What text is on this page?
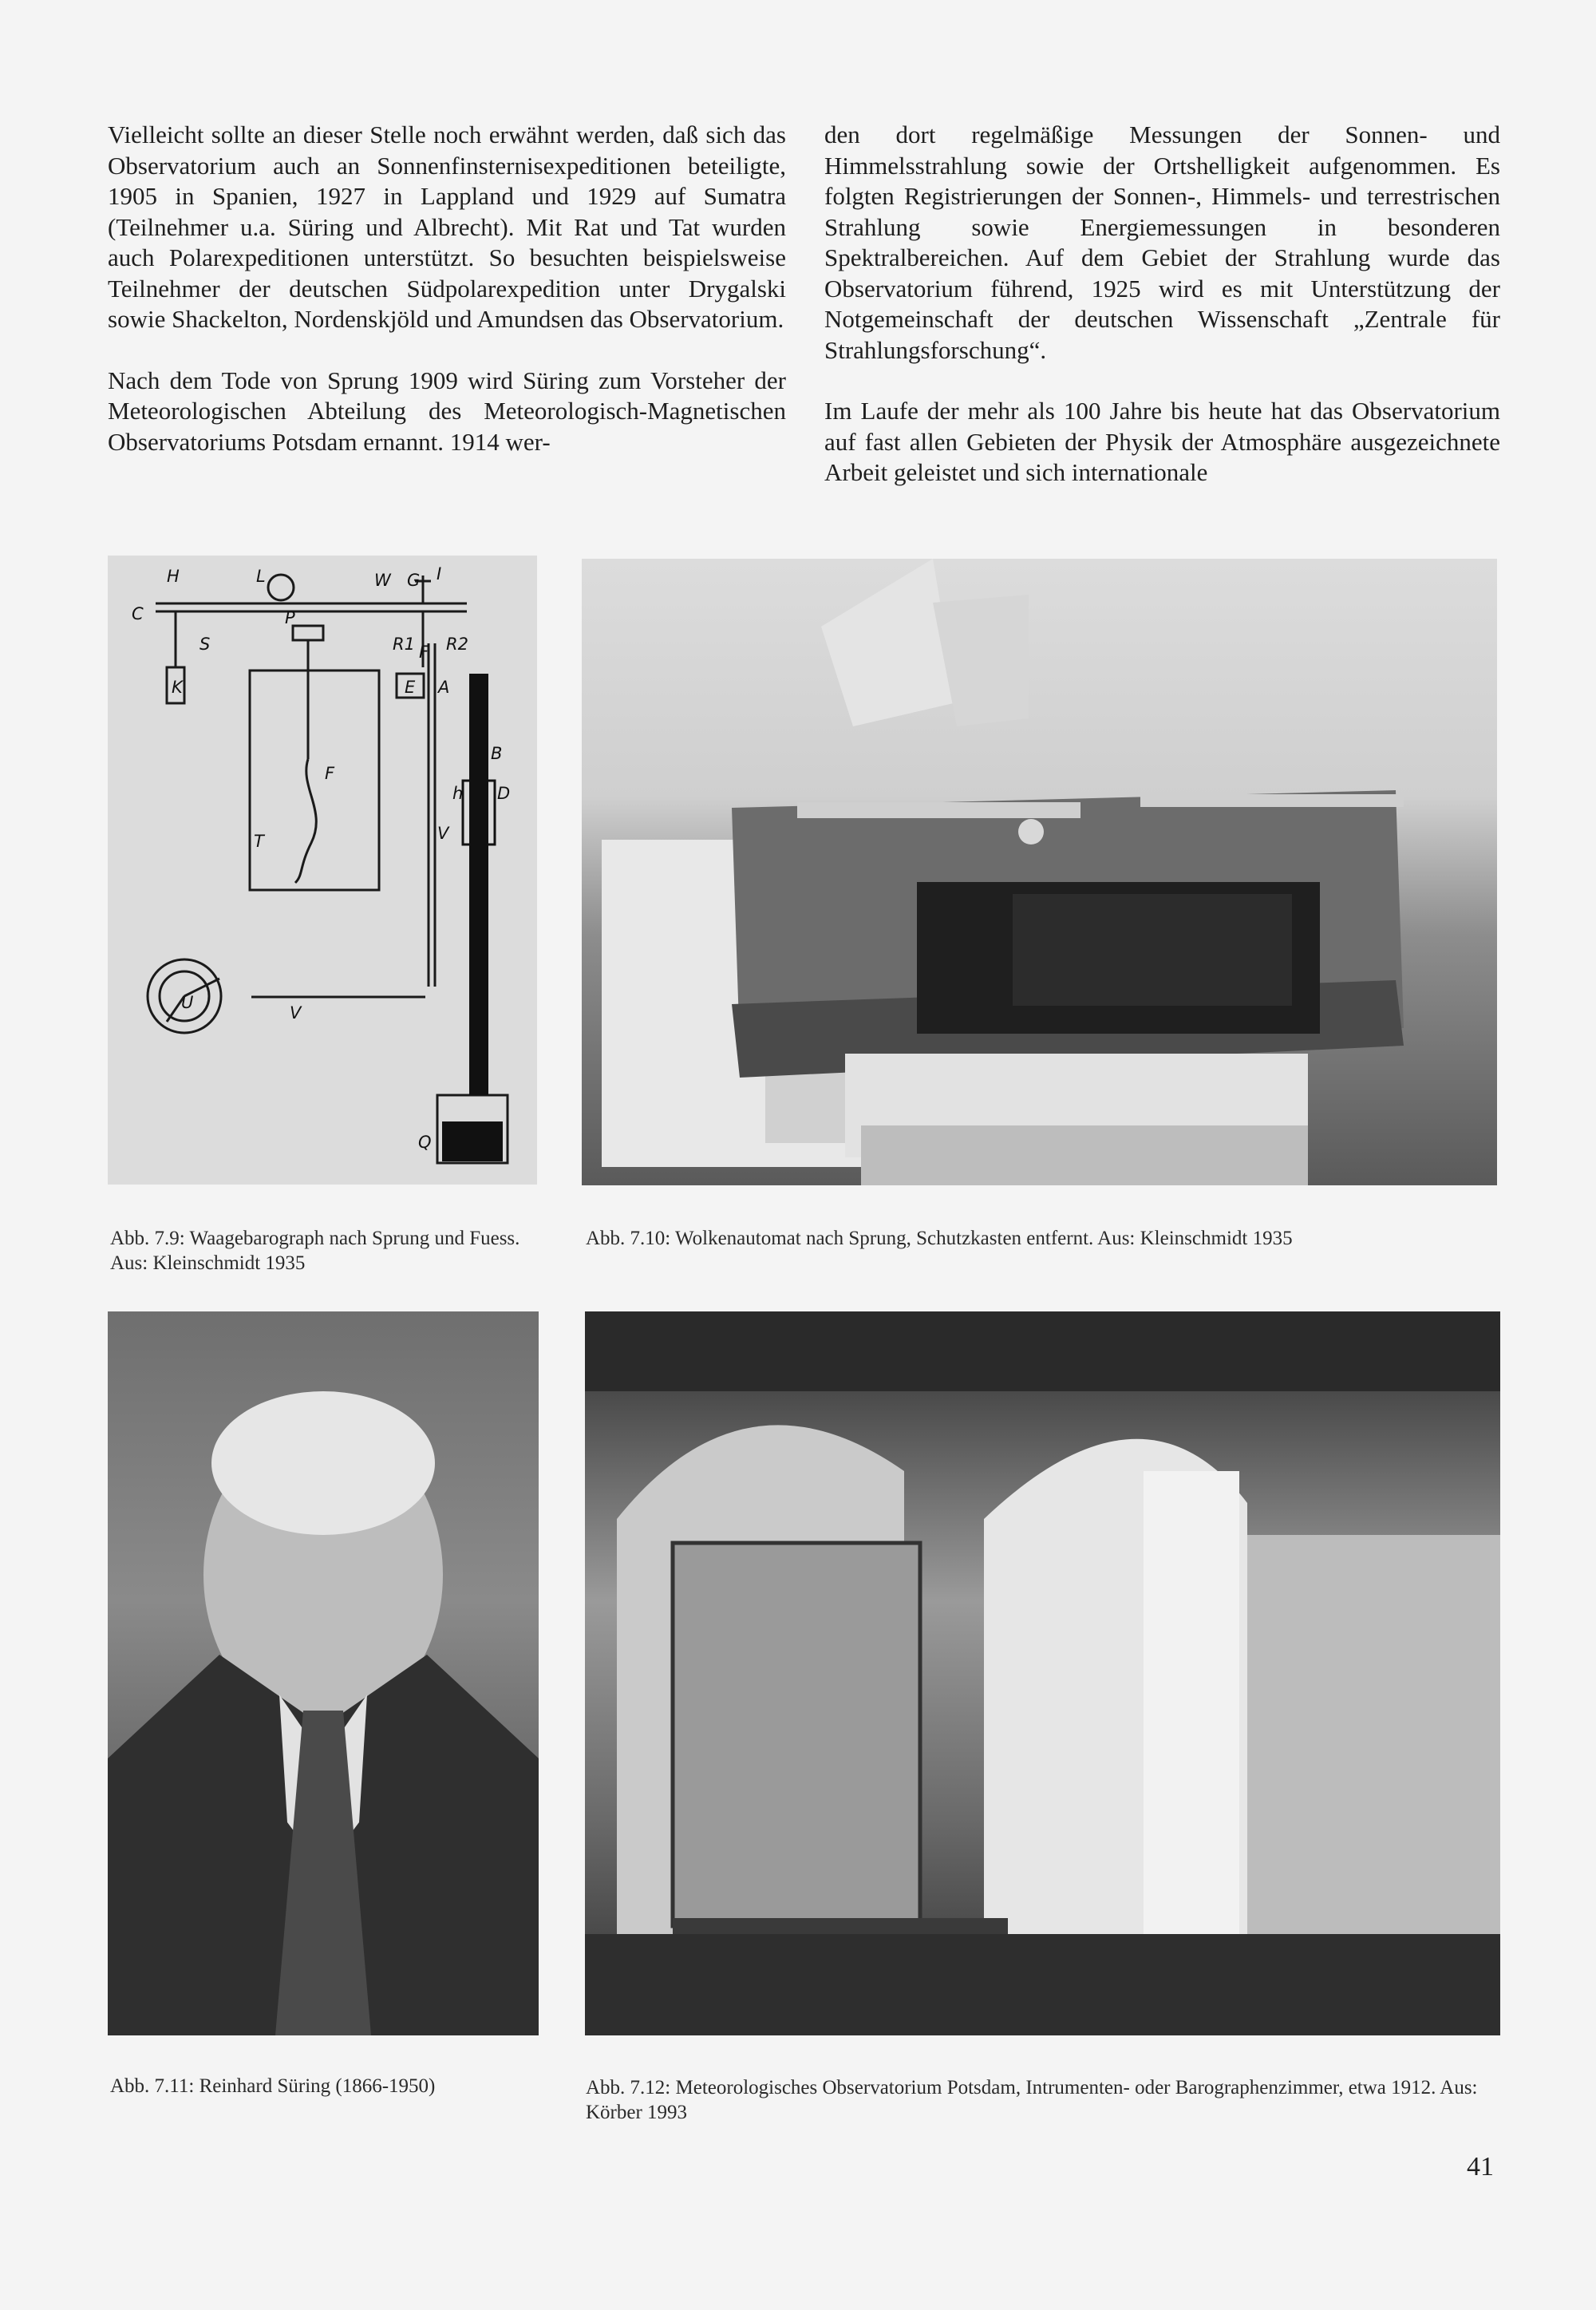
Vielleicht sollte an dieser Stelle noch erwähnt werden, daß sich das Observatorium auch an Sonnenfinsternisexpeditionen beteiligte, 1905 in Spanien, 1927 in Lappland und 1929 auf Sumatra (Teilnehmer u.a. Süring und Albrecht). Mit Rat und Tat wurden auch Polarexpeditionen unterstützt. So besuchten beispielsweise Teilnehmer der deutschen Südpolarexpedition unter Drygalski sowie Shackelton, Nordenskjöld und Amundsen das Observatorium.

Nach dem Tode von Sprung 1909 wird Süring zum Vorsteher der Meteorologischen Abteilung des Meteorologisch-Magnetischen Observatoriums Potsdam ernannt. 1914 wer-

den dort regelmäßige Messungen der Sonnen- und Himmelsstrahlung sowie der Ortshelligkeit aufgenommen. Es folgten Registrierungen der Sonnen-, Himmels- und terrestrischen Strahlung sowie Energiemessungen in besonderen Spektralbereichen. Auf dem Gebiet der Strahlung wurde das Observatorium führend, 1925 wird es mit Unterstützung der Notgemeinschaft der deutschen Wissenschaft „Zentrale für Strahlungsforschung“.

Im Laufe der mehr als 100 Jahre bis heute hat das Observatorium auf fast allen Gebieten der Physik der Atmosphäre ausgezeichnete Arbeit geleistet und sich internationale

H
C
L	W G I
P
S	R1 R2
F
E A
K
B
h D
F
T	V
U
V
Q
Abb. 7.9: Waagebarograph nach Sprung und Fuess. Aus: Kleinschmidt 1935
Abb. 7.10: Wolkenautomat nach Sprung, Schutzkasten entfernt. Aus: Kleinschmidt 1935
Abb. 7.11: Reinhard Süring (1866-1950)	Abb. 7.12: Meteorologisches Observatorium Potsdam, Intrumenten- oder Barographenzimmer, etwa 1912. Aus: Körber 1993
41
